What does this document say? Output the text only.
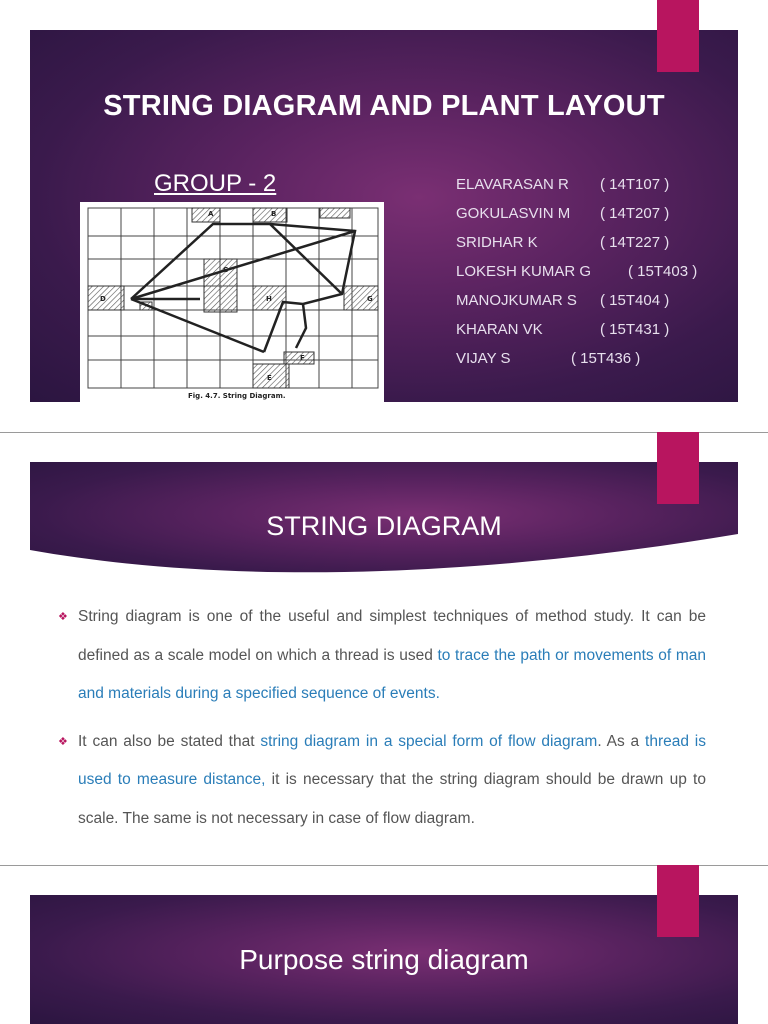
STRING DIAGRAM AND PLANT LAYOUT
GROUP - 2	ELAVARASAN R ( 14T107 )
GOKULASVIN M ( 14T207 )
SRIDHAR K	( 14T227 )
LOKESH KUMAR G ( 15T403 )
MANOJKUMAR S ( 15T404 )
KHARAN VK	( 15T431 )
VIJAY S	( 15T436 )
A	B
C
D	H	G
F
E
Fig. 4.7. String Diagram.
STRING DIAGRAM
❖ String diagram is one of the useful and simplest techniques of method study. It can be defined as a scale model on which a thread is used to trace the path or movements of man and materials during a specified sequence of events.
❖ It can also be stated that string diagram in a special form of flow diagram. As a thread is used to measure distance, it is necessary that the string diagram should be drawn up to scale. The same is not necessary in case of flow diagram.
Purpose string diagram
